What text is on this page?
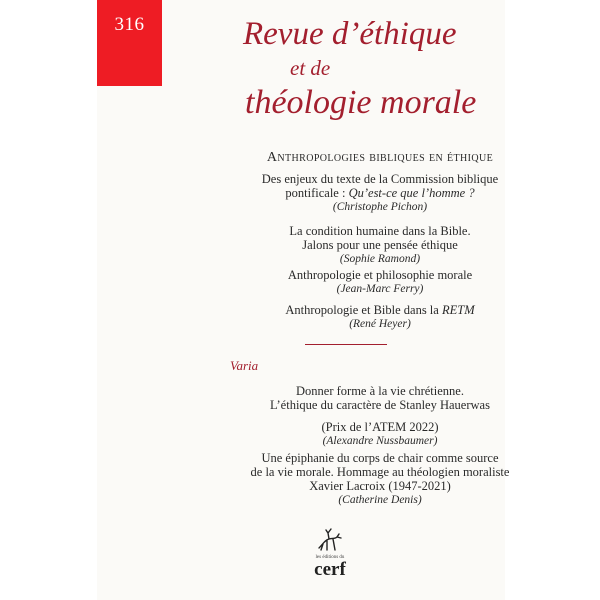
316	Revue d’éthique
et de
théologie morale
Anthropologies bibliques en éthique
Des enjeux du texte de la Commission biblique
pontificale : Qu’est-ce que l’homme ?
(Christophe Pichon)
La condition humaine dans la Bible.
Jalons pour une pensée éthique
(Sophie Ramond)
Anthropologie et philosophie morale
(Jean-Marc Ferry)
Anthropologie et Bible dans la RETM
(René Heyer)
Varia
Donner forme à la vie chrétienne.
L’éthique du caractère de Stanley Hauerwas
(Prix de l’ATEM 2022)
(Alexandre Nussbaumer)
Une épiphanie du corps de chair comme source
de la vie morale. Hommage au théologien moraliste
Xavier Lacroix (1947-2021)
(Catherine Denis)
les éditions du
cerf
